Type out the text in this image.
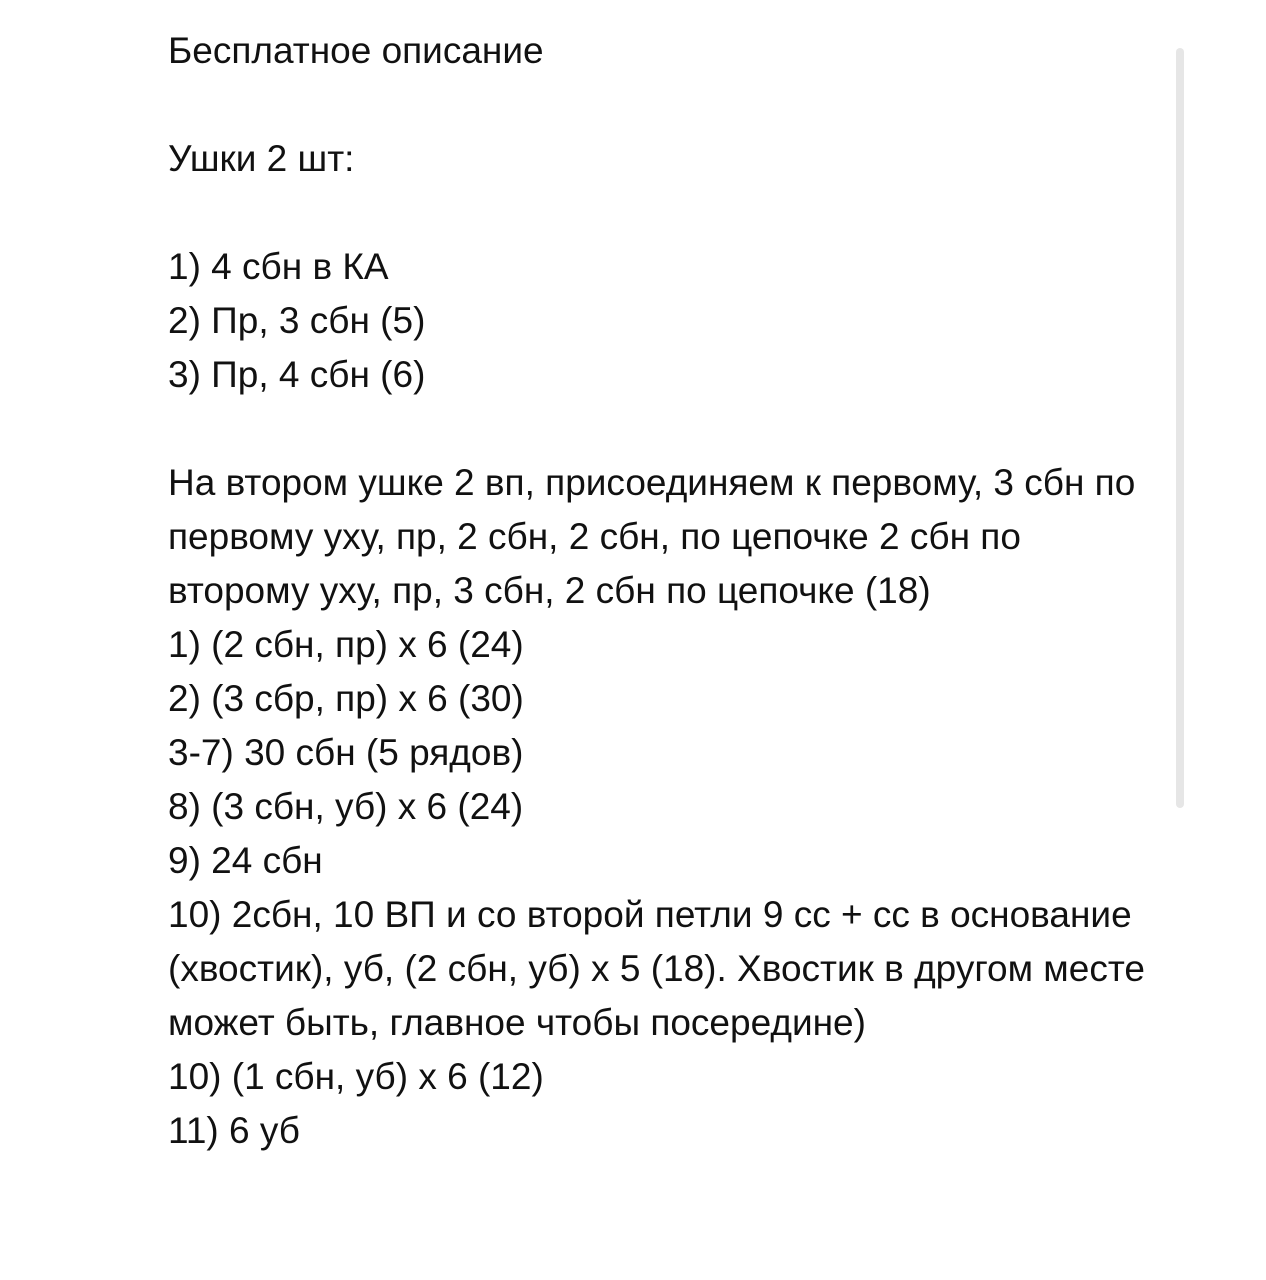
Бесплатное описание

Ушки 2 шт:

1) 4 сбн в КА

2) Пр, 3 сбн (5)

3) Пр, 4 сбн (6)

На втором ушке 2 вп, присоединяем к первому, 3 сбн по первому уху, пр, 2 сбн, 2 сбн, по цепочке 2 сбн по второму уху, пр, 3 сбн, 2 сбн по цепочке (18)

1) (2 сбн, пр) х 6 (24)

2) (3 сбр, пр) х 6 (30)

3-7) 30 сбн (5 рядов)

8) (3 сбн, уб) х 6 (24)

9) 24 сбн

10) 2сбн, 10 ВП и со второй петли 9 сс + сс в основание (хвостик), уб, (2 сбн, уб) х 5 (18). Хвостик в другом месте может быть, главное чтобы посередине)

10) (1 сбн, уб) х 6 (12)

11) 6 уб
